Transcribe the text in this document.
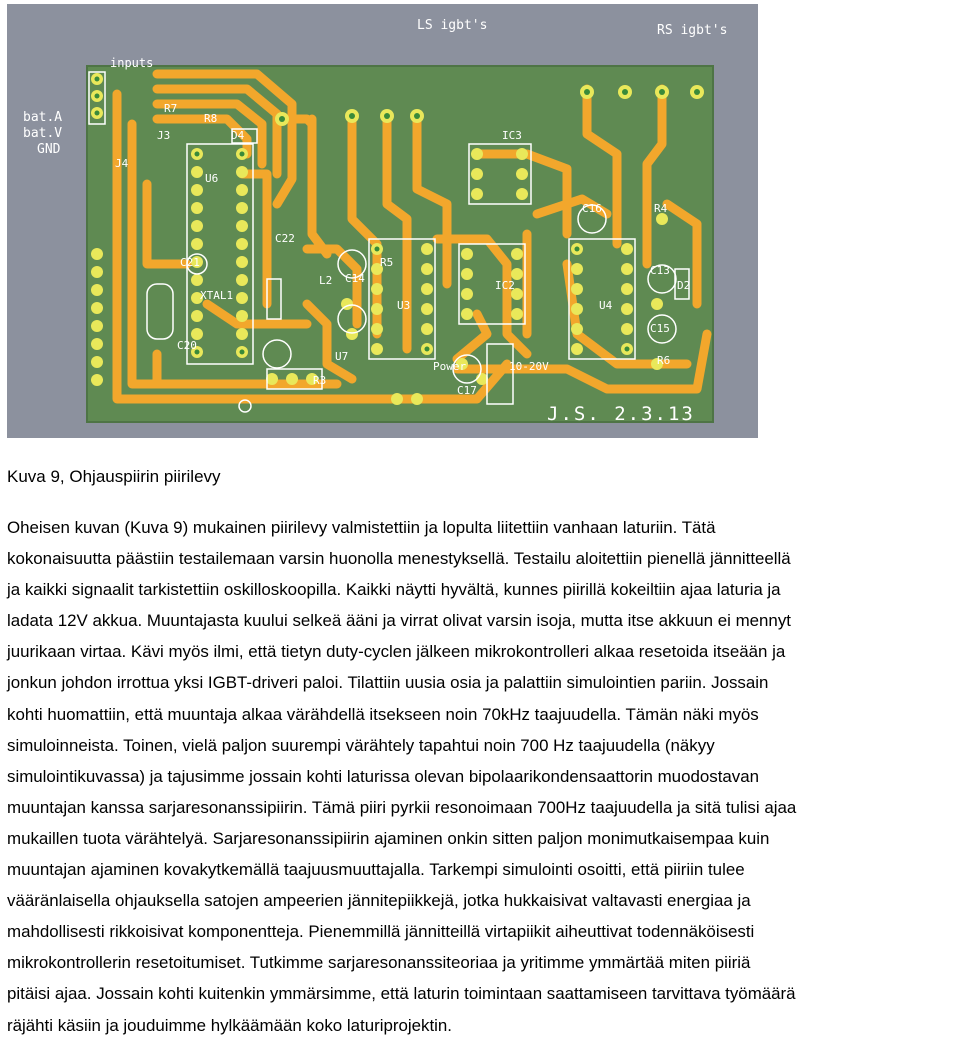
inputs
bat.A
bat.V
GND
LS igbt's	RS igbt's
J3
J4
R7
R8
D4
U6
C22
C21
XTAL1
C20
R3
U7
L2 C14
R5
U3
IC3
IC2
U4
C16	R4
C13
D2
C15
R6
Power	10-20V
C17
J.S. 2.3.13
Kuva 9, Ohjauspiirin piirilevy

Oheisen kuvan (Kuva 9) mukainen piirilevy valmistettiin ja lopulta liitettiin vanhaan laturiin. Tätä
kokonaisuutta päästiin testailemaan varsin huonolla menestyksellä. Testailu aloitettiin pienellä jännitteellä
ja kaikki signaalit tarkistettiin oskilloskoopilla. Kaikki näytti hyvältä, kunnes piirillä kokeiltiin ajaa laturia ja
ladata 12V akkua. Muuntajasta kuului selkeä ääni ja virrat olivat varsin isoja, mutta itse akkuun ei mennyt
juurikaan virtaa. Kävi myös ilmi, että tietyn duty-cyclen jälkeen mikrokontrolleri alkaa resetoida itseään ja
jonkun johdon irrottua yksi IGBT-driveri paloi. Tilattiin uusia osia ja palattiin simulointien pariin. Jossain
kohti huomattiin, että muuntaja alkaa värähdellä itsekseen noin 70kHz taajuudella. Tämän näki myös
simuloinneista. Toinen, vielä paljon suurempi värähtely tapahtui noin 700 Hz taajuudella (näkyy
simulointikuvassa) ja tajusimme jossain kohti laturissa olevan bipolaarikondensaattorin muodostavan
muuntajan kanssa sarjaresonanssipiirin. Tämä piiri pyrkii resonoimaan 700Hz taajuudella ja sitä tulisi ajaa
mukaillen tuota värähtelyä. Sarjaresonanssipiirin ajaminen onkin sitten paljon monimutkaisempaa kuin
muuntajan ajaminen kovakytkemällä taajuusmuuttajalla. Tarkempi simulointi osoitti, että piiriin tulee
vääränlaisella ohjauksella satojen ampeerien jännitepiikkejä, jotka hukkaisivat valtavasti energiaa ja
mahdollisesti rikkoisivat komponentteja. Pienemmillä jännitteillä virtapiikit aiheuttivat todennäköisesti
mikrokontrollerin resetoitumiset. Tutkimme sarjaresonanssiteoriaa ja yritimme ymmärtää miten piiriä
pitäisi ajaa. Jossain kohti kuitenkin ymmärsimme, että laturin toimintaan saattamiseen tarvittava työmäärä
räjähti käsiin ja jouduimme hylkäämään koko laturiprojektin.
